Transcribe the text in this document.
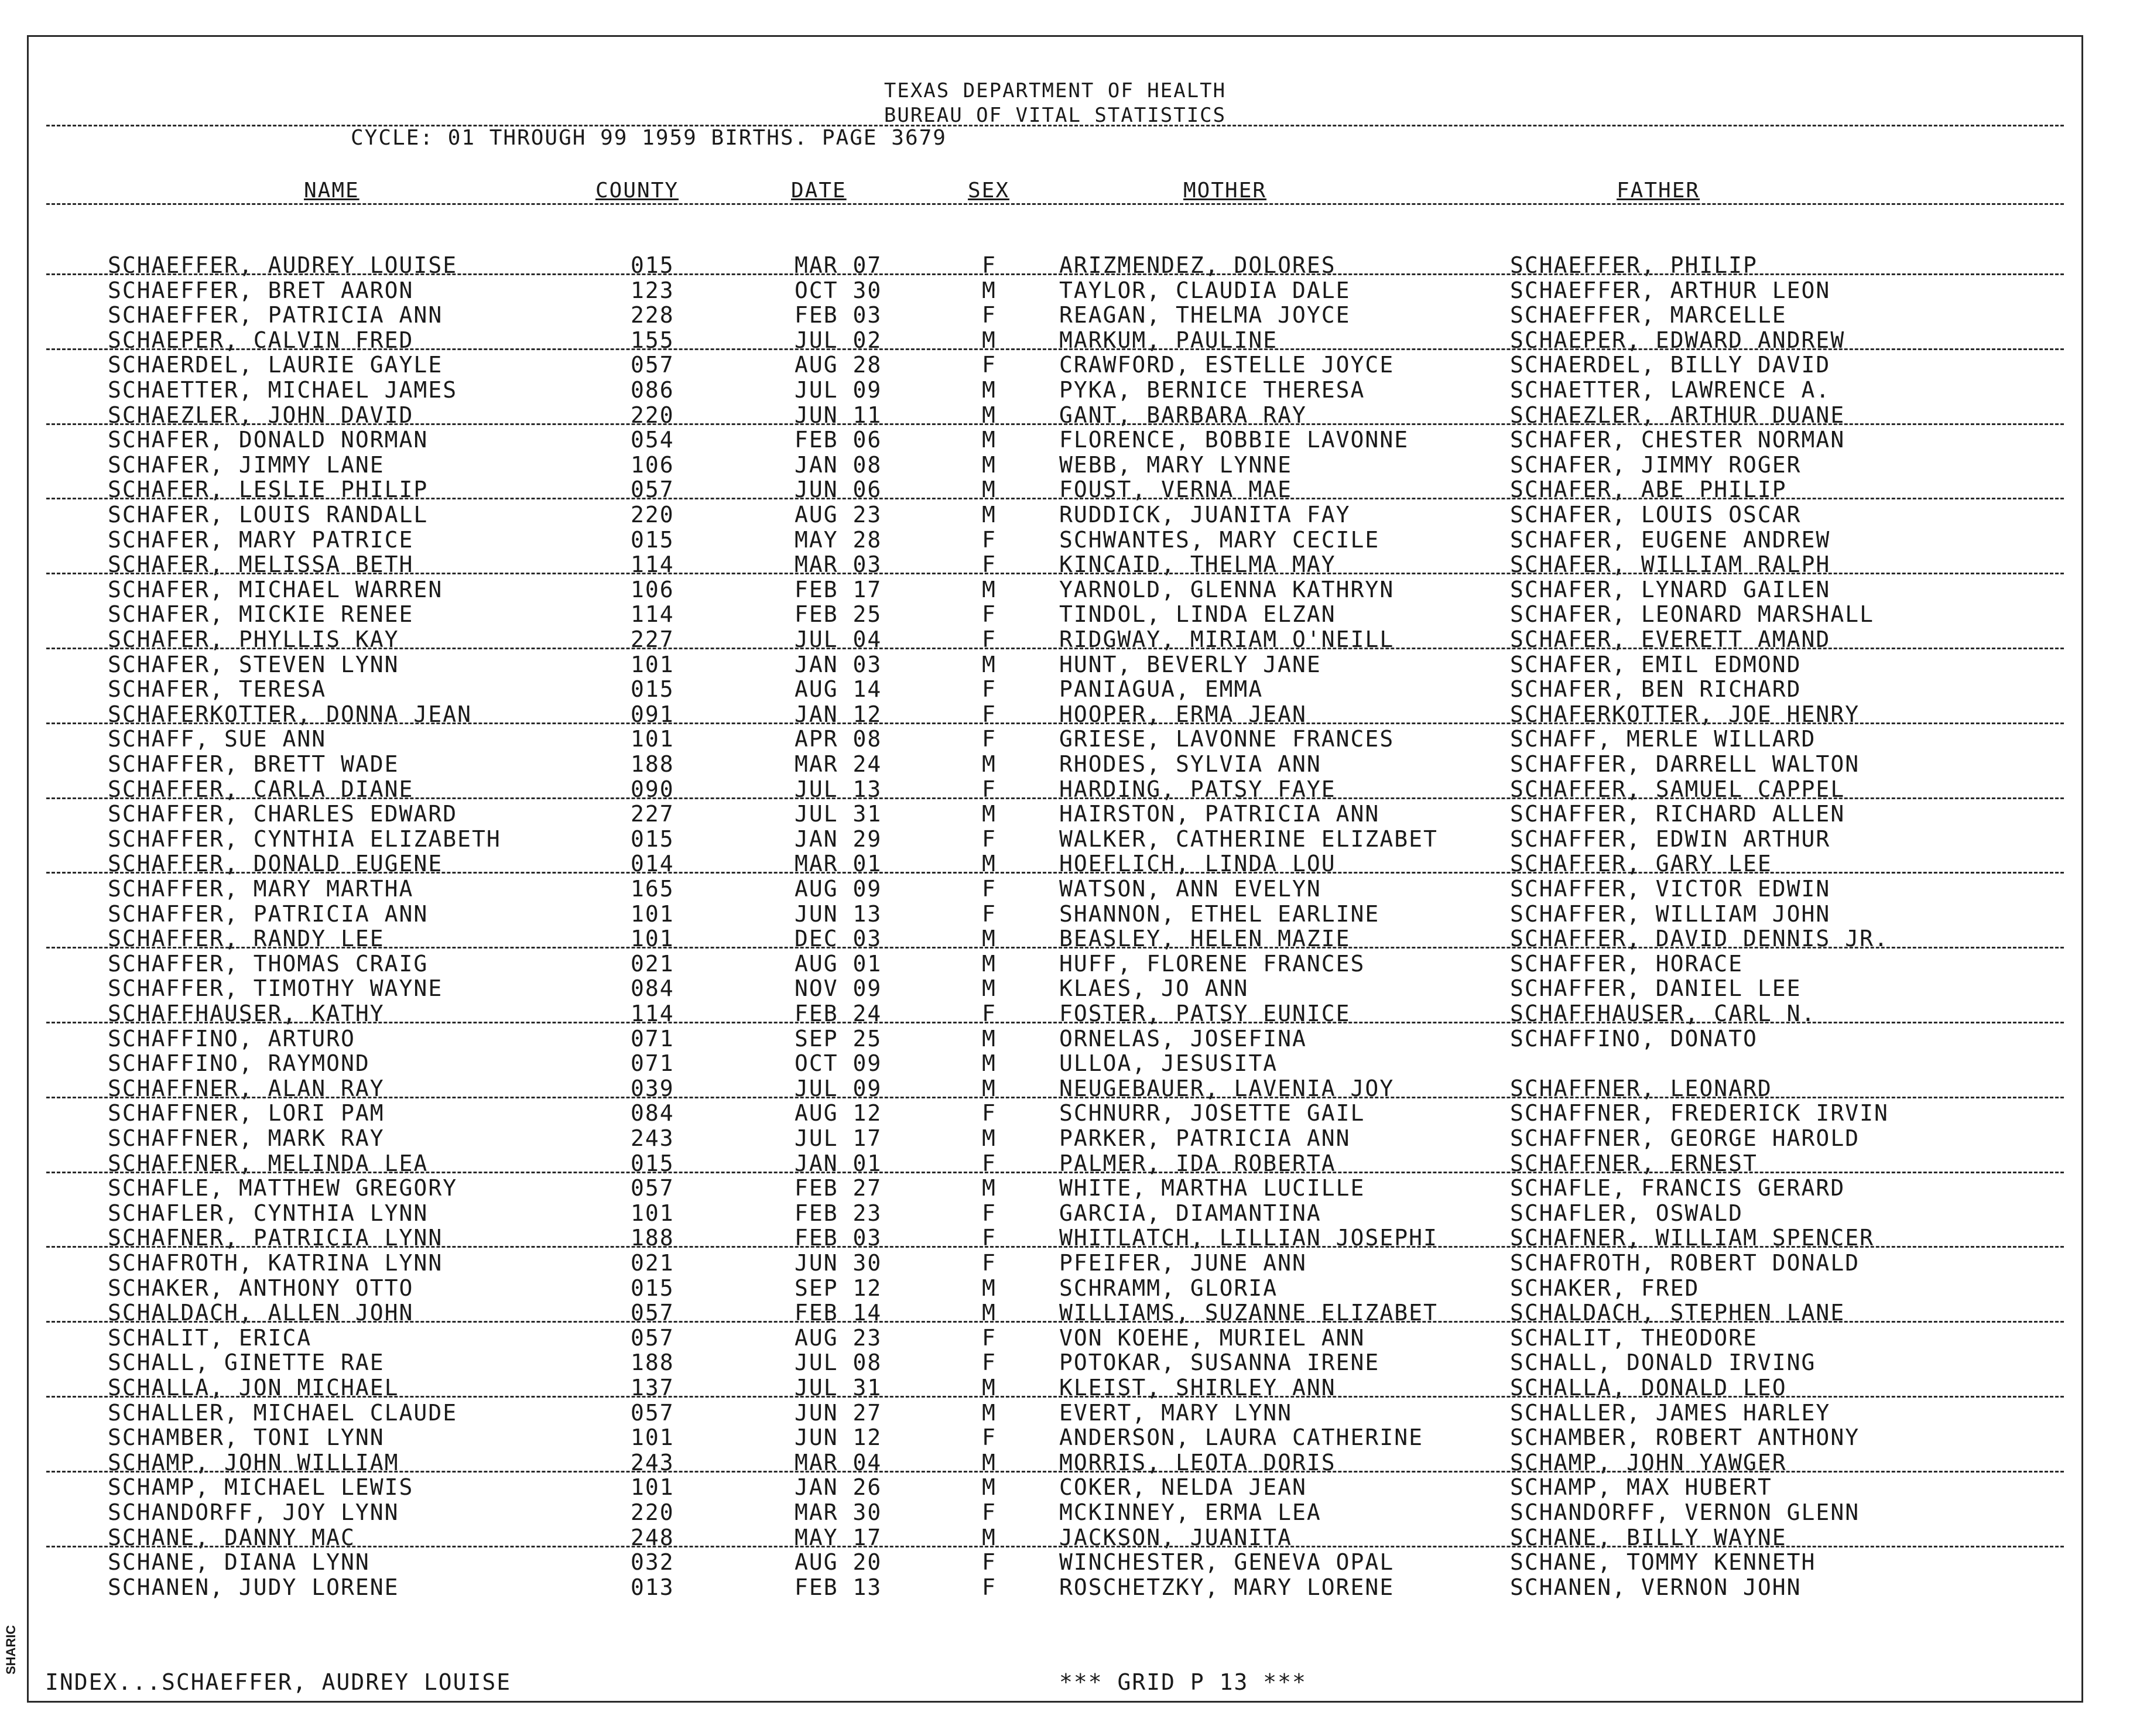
TEXAS DEPARTMENT OF HEALTH
BUREAU OF VITAL STATISTICS
CYCLE: 01 THROUGH 99 1959 BIRTHS. PAGE 3679
NAME	COUNTY	DATE	SEX	MOTHER	FATHER
SCHAEFFER, AUDREY LOUISE	015	MAR 07	F	ARIZMENDEZ, DOLORES	SCHAEFFER, PHILIP
SCHAEFFER, BRET AARON	123	OCT 30	M	TAYLOR, CLAUDIA DALE	SCHAEFFER, ARTHUR LEON
SCHAEFFER, PATRICIA ANN	228	FEB 03	F	REAGAN, THELMA JOYCE	SCHAEFFER, MARCELLE
SCHAEPER, CALVIN FRED	155	JUL 02	M	MARKUM, PAULINE	SCHAEPER, EDWARD ANDREW
SCHAERDEL, LAURIE GAYLE	057	AUG 28	F	CRAWFORD, ESTELLE JOYCE	SCHAERDEL, BILLY DAVID
SCHAETTER, MICHAEL JAMES	086	JUL 09	M	PYKA, BERNICE THERESA	SCHAETTER, LAWRENCE A.
SCHAEZLER, JOHN DAVID	220	JUN 11	M	GANT, BARBARA RAY	SCHAEZLER, ARTHUR DUANE
SCHAFER, DONALD NORMAN	054	FEB 06	M	FLORENCE, BOBBIE LAVONNE	SCHAFER, CHESTER NORMAN
SCHAFER, JIMMY LANE	106	JAN 08	M	WEBB, MARY LYNNE	SCHAFER, JIMMY ROGER
SCHAFER, LESLIE PHILIP	057	JUN 06	M	FOUST, VERNA MAE	SCHAFER, ABE PHILIP
SCHAFER, LOUIS RANDALL	220	AUG 23	M	RUDDICK, JUANITA FAY	SCHAFER, LOUIS OSCAR
SCHAFER, MARY PATRICE	015	MAY 28	F	SCHWANTES, MARY CECILE	SCHAFER, EUGENE ANDREW
SCHAFER, MELISSA BETH	114	MAR 03	F	KINCAID, THELMA MAY	SCHAFER, WILLIAM RALPH
SCHAFER, MICHAEL WARREN	106	FEB 17	M	YARNOLD, GLENNA KATHRYN	SCHAFER, LYNARD GAILEN
SCHAFER, MICKIE RENEE	114	FEB 25	F	TINDOL, LINDA ELZAN	SCHAFER, LEONARD MARSHALL
SCHAFER, PHYLLIS KAY	227	JUL 04	F	RIDGWAY, MIRIAM O'NEILL	SCHAFER, EVERETT AMAND
SCHAFER, STEVEN LYNN	101	JAN 03	M	HUNT, BEVERLY JANE	SCHAFER, EMIL EDMOND
SCHAFER, TERESA	015	AUG 14	F	PANIAGUA, EMMA	SCHAFER, BEN RICHARD
SCHAFERKOTTER, DONNA JEAN	091	JAN 12	F	HOOPER, ERMA JEAN	SCHAFERKOTTER, JOE HENRY
SCHAFF, SUE ANN	101	APR 08	F	GRIESE, LAVONNE FRANCES	SCHAFF, MERLE WILLARD
SCHAFFER, BRETT WADE	188	MAR 24	M	RHODES, SYLVIA ANN	SCHAFFER, DARRELL WALTON
SCHAFFER, CARLA DIANE	090	JUL 13	F	HARDING, PATSY FAYE	SCHAFFER, SAMUEL CAPPEL
SCHAFFER, CHARLES EDWARD	227	JUL 31	M	HAIRSTON, PATRICIA ANN	SCHAFFER, RICHARD ALLEN
SCHAFFER, CYNTHIA ELIZABETH	015	JAN 29	F	WALKER, CATHERINE ELIZABET	SCHAFFER, EDWIN ARTHUR
SCHAFFER, DONALD EUGENE	014	MAR 01	M	HOEFLICH, LINDA LOU	SCHAFFER, GARY LEE
SCHAFFER, MARY MARTHA	165	AUG 09	F	WATSON, ANN EVELYN	SCHAFFER, VICTOR EDWIN
SCHAFFER, PATRICIA ANN	101	JUN 13	F	SHANNON, ETHEL EARLINE	SCHAFFER, WILLIAM JOHN
SCHAFFER, RANDY LEE	101	DEC 03	M	BEASLEY, HELEN MAZIE	SCHAFFER, DAVID DENNIS JR.
SCHAFFER, THOMAS CRAIG	021	AUG 01	M	HUFF, FLORENE FRANCES	SCHAFFER, HORACE
SCHAFFER, TIMOTHY WAYNE	084	NOV 09	M	KLAES, JO ANN	SCHAFFER, DANIEL LEE
SCHAFFHAUSER, KATHY	114	FEB 24	F	FOSTER, PATSY EUNICE	SCHAFFHAUSER, CARL N.
SCHAFFINO, ARTURO	071	SEP 25	M	ORNELAS, JOSEFINA	SCHAFFINO, DONATO
SCHAFFINO, RAYMOND	071	OCT 09	M	ULLOA, JESUSITA
SCHAFFNER, ALAN RAY	039	JUL 09	M	NEUGEBAUER, LAVENIA JOY	SCHAFFNER, LEONARD
SCHAFFNER, LORI PAM	084	AUG 12	F	SCHNURR, JOSETTE GAIL	SCHAFFNER, FREDERICK IRVIN
SCHAFFNER, MARK RAY	243	JUL 17	M	PARKER, PATRICIA ANN	SCHAFFNER, GEORGE HAROLD
SCHAFFNER, MELINDA LEA	015	JAN 01	F	PALMER, IDA ROBERTA	SCHAFFNER, ERNEST
SCHAFLE, MATTHEW GREGORY	057	FEB 27	M	WHITE, MARTHA LUCILLE	SCHAFLE, FRANCIS GERARD
SCHAFLER, CYNTHIA LYNN	101	FEB 23	F	GARCIA, DIAMANTINA	SCHAFLER, OSWALD
SCHAFNER, PATRICIA LYNN	188	FEB 03	F	WHITLATCH, LILLIAN JOSEPHI	SCHAFNER, WILLIAM SPENCER
SCHAFROTH, KATRINA LYNN	021	JUN 30	F	PFEIFER, JUNE ANN	SCHAFROTH, ROBERT DONALD
SCHAKER, ANTHONY OTTO	015	SEP 12	M	SCHRAMM, GLORIA	SCHAKER, FRED
SCHALDACH, ALLEN JOHN	057	FEB 14	M	WILLIAMS, SUZANNE ELIZABET	SCHALDACH, STEPHEN LANE
SCHALIT, ERICA	057	AUG 23	F	VON KOEHE, MURIEL ANN	SCHALIT, THEODORE
SCHALL, GINETTE RAE	188	JUL 08	F	POTOKAR, SUSANNA IRENE	SCHALL, DONALD IRVING
SCHALLA, JON MICHAEL	137	JUL 31	M	KLEIST, SHIRLEY ANN	SCHALLA, DONALD LEO
SCHALLER, MICHAEL CLAUDE	057	JUN 27	M	EVERT, MARY LYNN	SCHALLER, JAMES HARLEY
SCHAMBER, TONI LYNN	101	JUN 12	F	ANDERSON, LAURA CATHERINE	SCHAMBER, ROBERT ANTHONY
SCHAMP, JOHN WILLIAM	243	MAR 04	M	MORRIS, LEOTA DORIS	SCHAMP, JOHN YAWGER
SCHAMP, MICHAEL LEWIS	101	JAN 26	M	COKER, NELDA JEAN	SCHAMP, MAX HUBERT
SCHANDORFF, JOY LYNN	220	MAR 30	F	MCKINNEY, ERMA LEA	SCHANDORFF, VERNON GLENN
SCHANE, DANNY MAC	248	MAY 17	M	JACKSON, JUANITA	SCHANE, BILLY WAYNE
SCHANE, DIANA LYNN	032	AUG 20	F	WINCHESTER, GENEVA OPAL	SCHANE, TOMMY KENNETH
SCHANEN, JUDY LORENE	013	FEB 13	F	ROSCHETZKY, MARY LORENE	SCHANEN, VERNON JOHN
INDEX...SCHAEFFER, AUDREY LOUISE	*** GRID P 13 ***
SHARIC
